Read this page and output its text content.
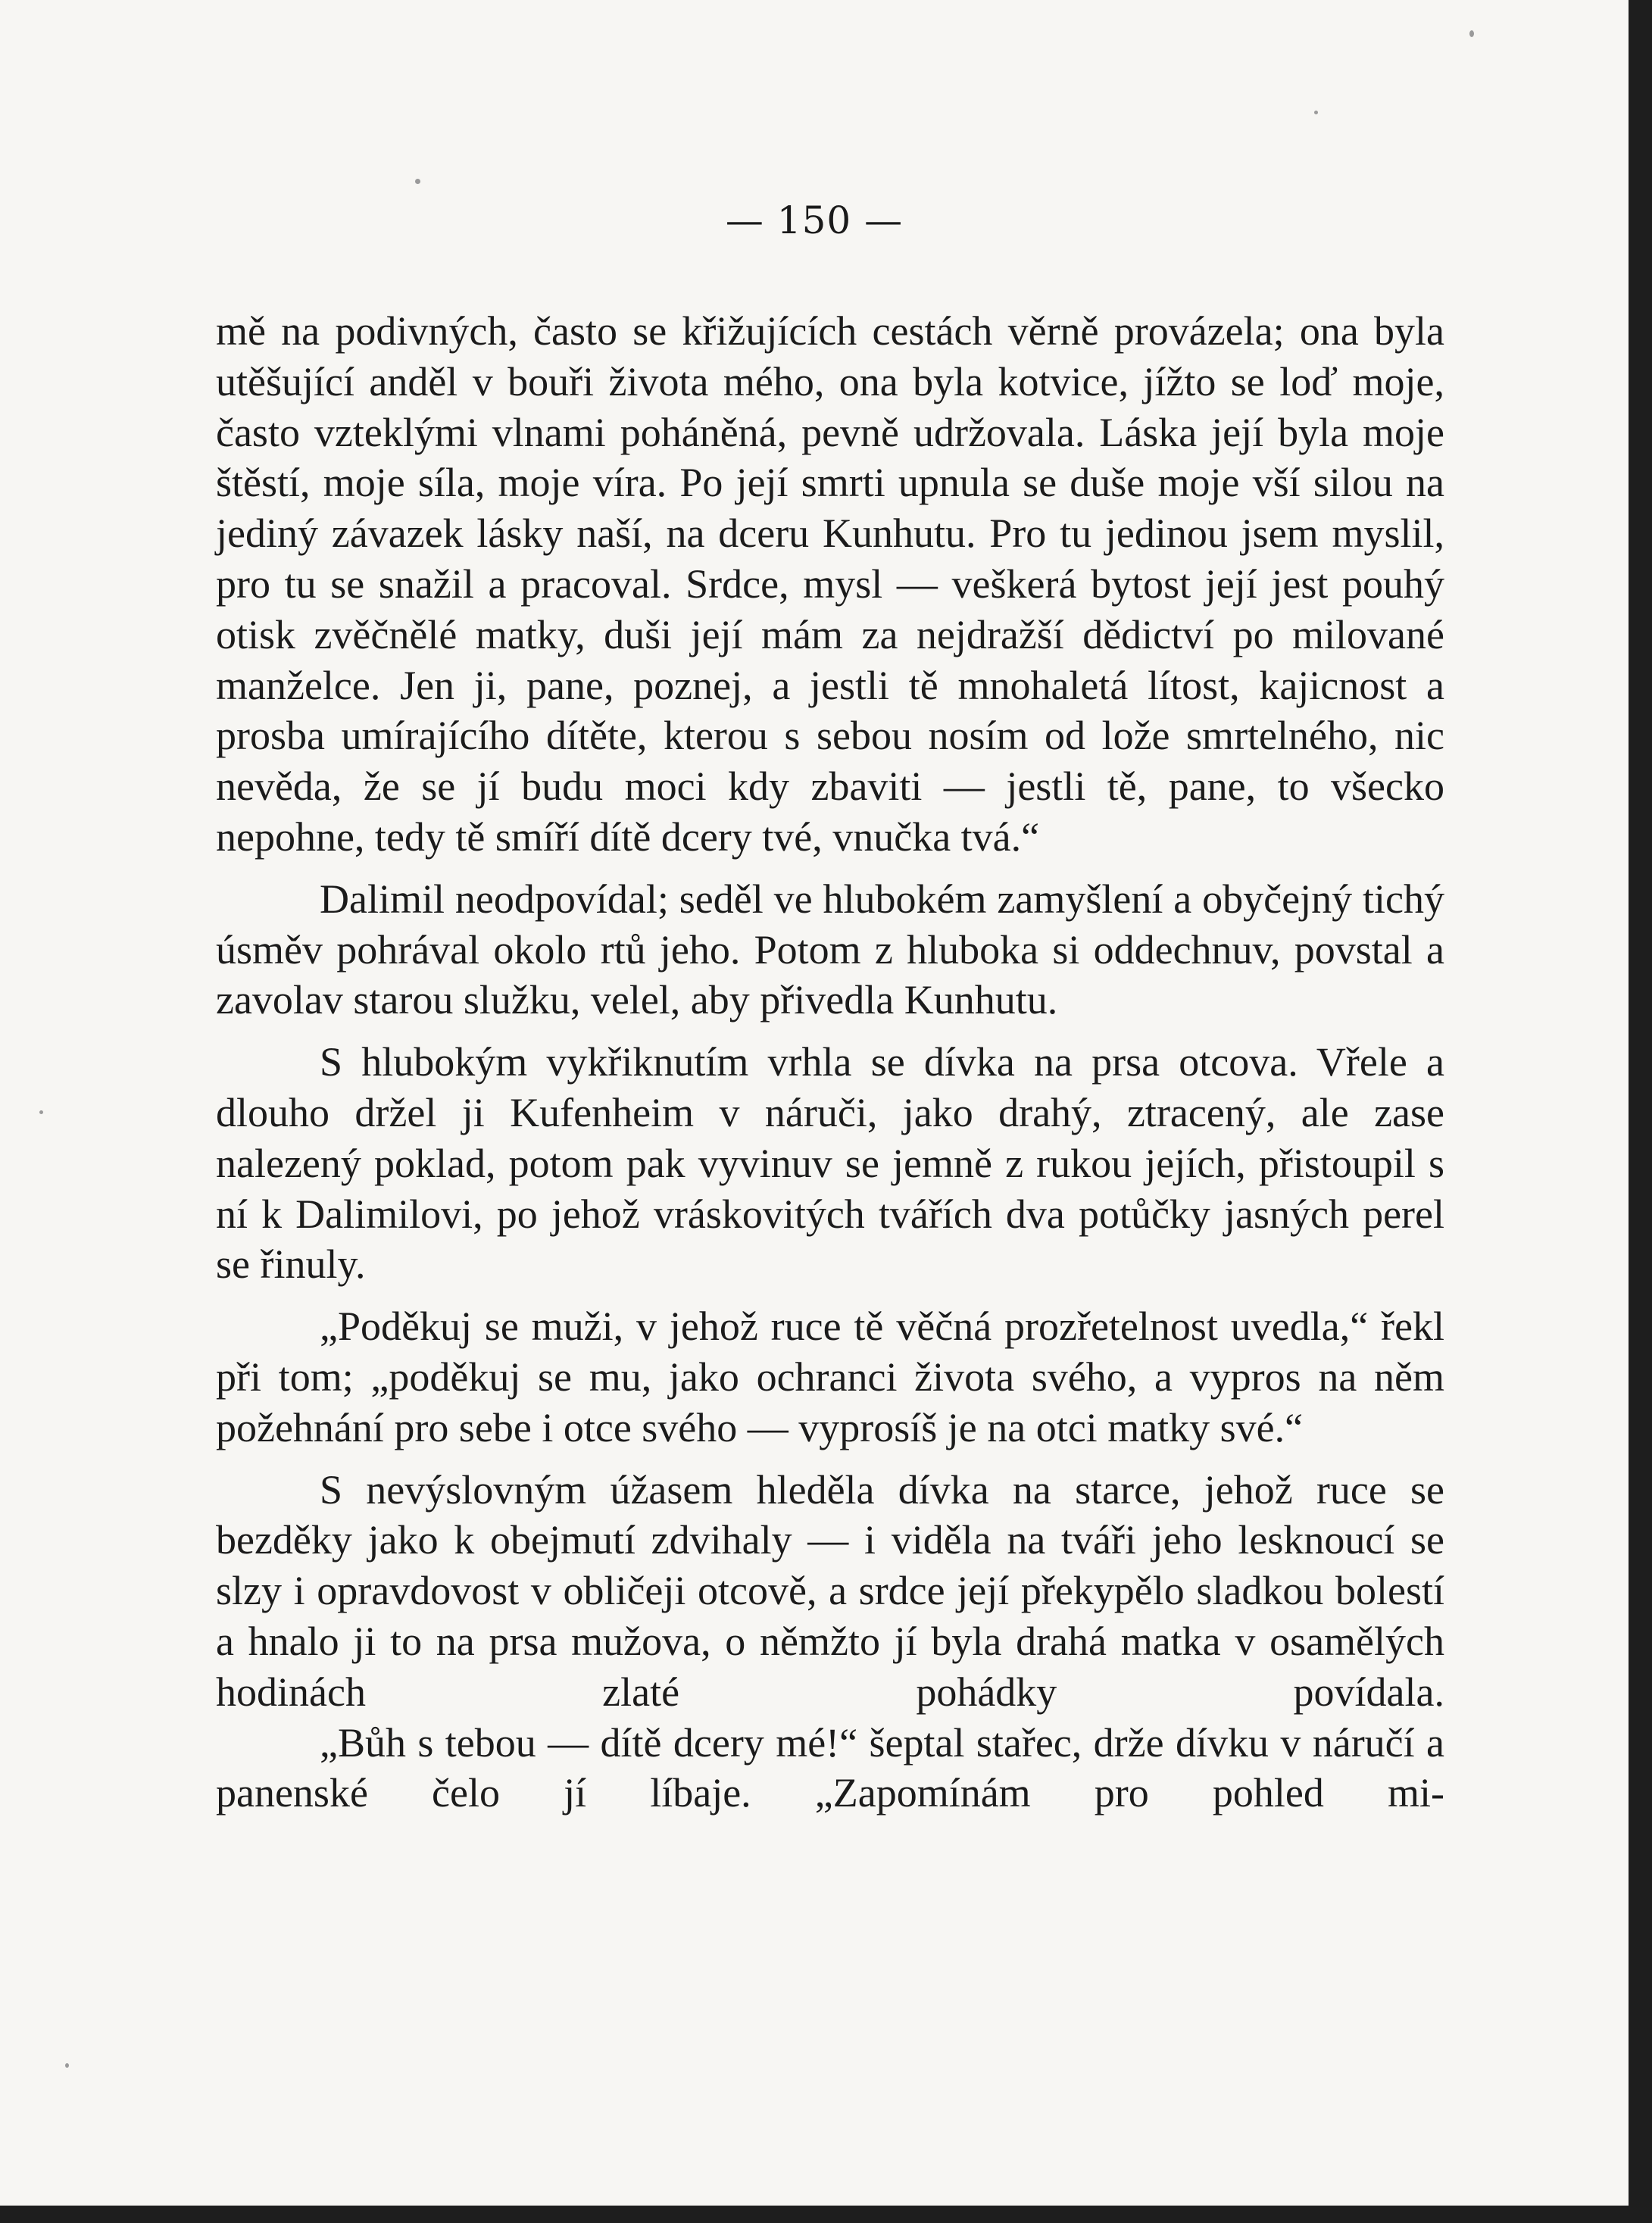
— 150 —

mě na podivných, často se křižujících cestách věrně provázela; ona byla utěšující anděl v bouři života mého, ona byla kotvice, jížto se loď moje, často vzteklými vlnami poháněná, pevně udržovala. Láska její byla moje štěstí, moje síla, moje víra. Po její smrti upnula se duše moje vší silou na jediný závazek lásky naší, na dceru Kunhutu. Pro tu jedinou jsem myslil, pro tu se snažil a pracoval. Srdce, mysl — veškerá bytost její jest pouhý otisk zvěčnělé matky, duši její mám za nejdražší dědictví po milované manželce. Jen ji, pane, poznej, a jestli tě mnohaletá lítost, kajicnost a prosba umírajícího dítěte, kterou s sebou nosím od lože smrtelného, nic nevěda, že se jí budu moci kdy zbaviti — jestli tě, pane, to všecko nepohne, tedy tě smíří dítě dcery tvé, vnučka tvá.“

Dalimil neodpovídal; seděl ve hlubokém zamyšlení a obyčejný tichý úsměv pohrával okolo rtů jeho. Potom z hluboka si oddechnuv, povstal a zavolav starou služku, velel, aby přivedla Kunhutu.

S hlubokým vykřiknutím vrhla se dívka na prsa otcova. Vřele a dlouho držel ji Kufenheim v náruči, jako drahý, ztracený, ale zase nalezený poklad, potom pak vyvinuv se jemně z rukou jejích, přistoupil s ní k Dalimilovi, po jehož vráskovitých tvářích dva potůčky jasných perel se řinuly.

„Poděkuj se muži, v jehož ruce tě věčná prozřetelnost uvedla,“ řekl při tom; „poděkuj se mu, jako ochranci života svého, a vypros na něm požehnání pro sebe i otce svého — vyprosíš je na otci matky své.“

S nevýslovným úžasem hleděla dívka na starce, jehož ruce se bezděky jako k obejmutí zdvihaly — i viděla na tváři jeho lesknoucí se slzy i opravdovost v obličeji otcově, a srdce její překypělo sladkou bolestí a hnalo ji to na prsa mužova, o němžto jí byla drahá matka v osamělých hodinách zlaté pohádky povídala.

„Bůh s tebou — dítě dcery mé!“ šeptal stařec, drže dívku v náručí a panenské čelo jí líbaje. „Zapomínám pro pohled mi-
